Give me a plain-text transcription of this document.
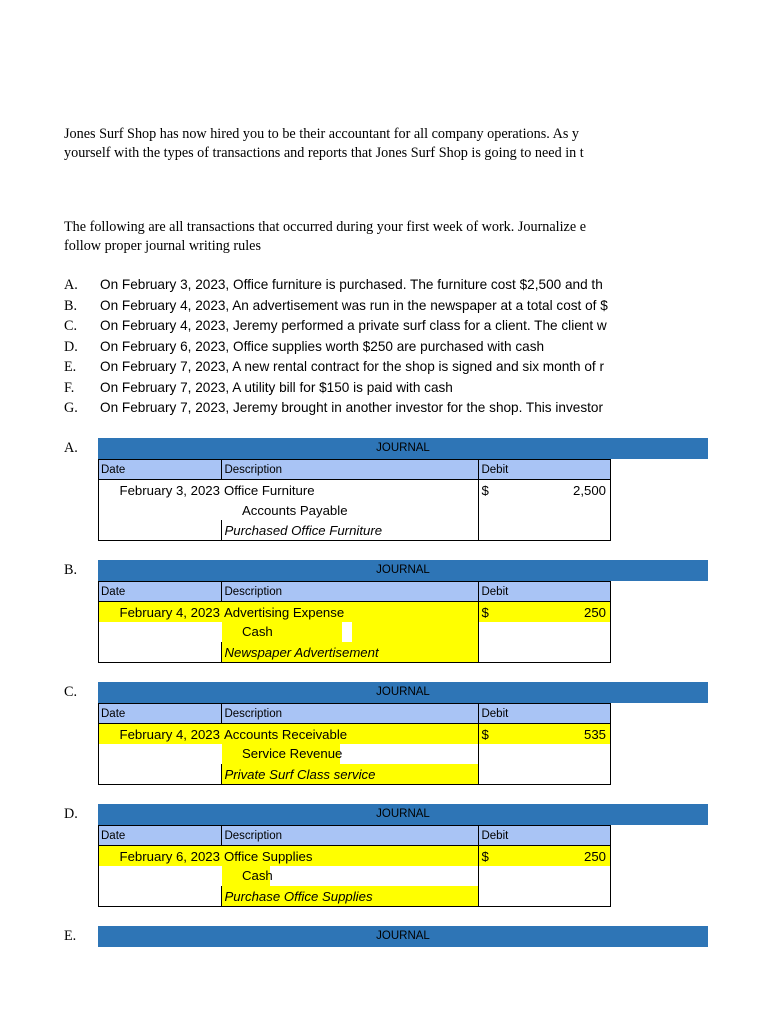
Jones Surf Shop has now hired you to be their accountant for all company operations. As y
yourself with the types of transactions and reports that Jones Surf Shop is going to need in t
The following are all transactions that occurred during your first week of work. Journalize e
follow proper journal writing rules
A. On February 3, 2023, Office furniture is purchased. The furniture cost $2,500 and th
B. On February 4, 2023, An advertisement was run in the newspaper at a total cost of $
C. On February 4, 2023, Jeremy performed a private surf class for a client. The client w
D. On February 6, 2023, Office supplies worth $250 are purchased with cash
E. On February 7, 2023, A new rental contract for the shop is signed and six month of r
F. On February 7, 2023, A utility bill for $150 is paid with cash
G. On February 7, 2023, Jeremy brought in another investor for the shop. This investor
A.	JOURNAL
Date	Description	Debit
February 3, 2023	Office Furniture	$ 2,500

	Accounts Payable	
	Purchased Office Furniture	
B.	JOURNAL
Date	Description	Debit
February 4, 2023	Advertising Expense	$ 250

	Cash	

	Newspaper Advertisement	
C.	JOURNAL
Date	Description	Debit
February 4, 2023	Accounts Receivable	$ 535

	Service Revenue	

	Private Surf Class service	
D.	JOURNAL
Date	Description	Debit
February 6, 2023	Office Supplies	$ 250

	Cash	

	Purchase Office Supplies	
E.	JOURNAL
